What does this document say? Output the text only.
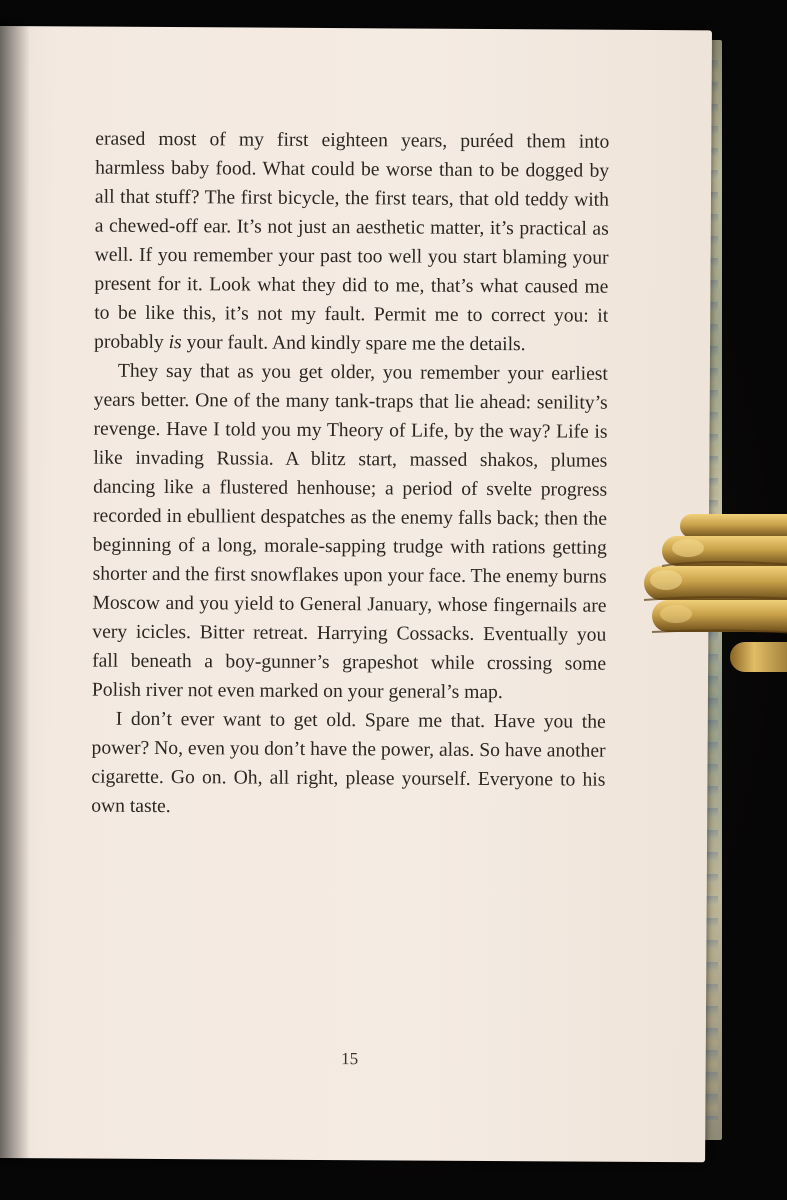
erased most of my first eighteen years, puréed them into harmless baby food. What could be worse than to be dogged by all that stuff? The first bicycle, the first tears, that old teddy with a chewed-off ear. It’s not just an aesthetic matter, it’s practical as well. If you remember your past too well you start blaming your present for it. Look what they did to me, that’s what caused me to be like this, it’s not my fault. Permit me to correct you: it probably is your fault. And kindly spare me the details.

They say that as you get older, you remember your earliest years better. One of the many tank-traps that lie ahead: senility’s revenge. Have I told you my Theory of Life, by the way? Life is like invading Russia. A blitz start, massed shakos, plumes dancing like a flustered henhouse; a period of svelte progress recorded in ebullient despatches as the enemy falls back; then the beginning of a long, morale-sapping trudge with rations getting shorter and the first snowflakes upon your face. The enemy burns Moscow and you yield to General January, whose fingernails are very icicles. Bitter retreat. Harrying Cossacks. Eventually you fall beneath a boy-gunner’s grapeshot while crossing some Polish river not even marked on your general’s map.

I don’t ever want to get old. Spare me that. Have you the power? No, even you don’t have the power, alas. So have another cigarette. Go on. Oh, all right, please yourself. Everyone to his own taste.

15
